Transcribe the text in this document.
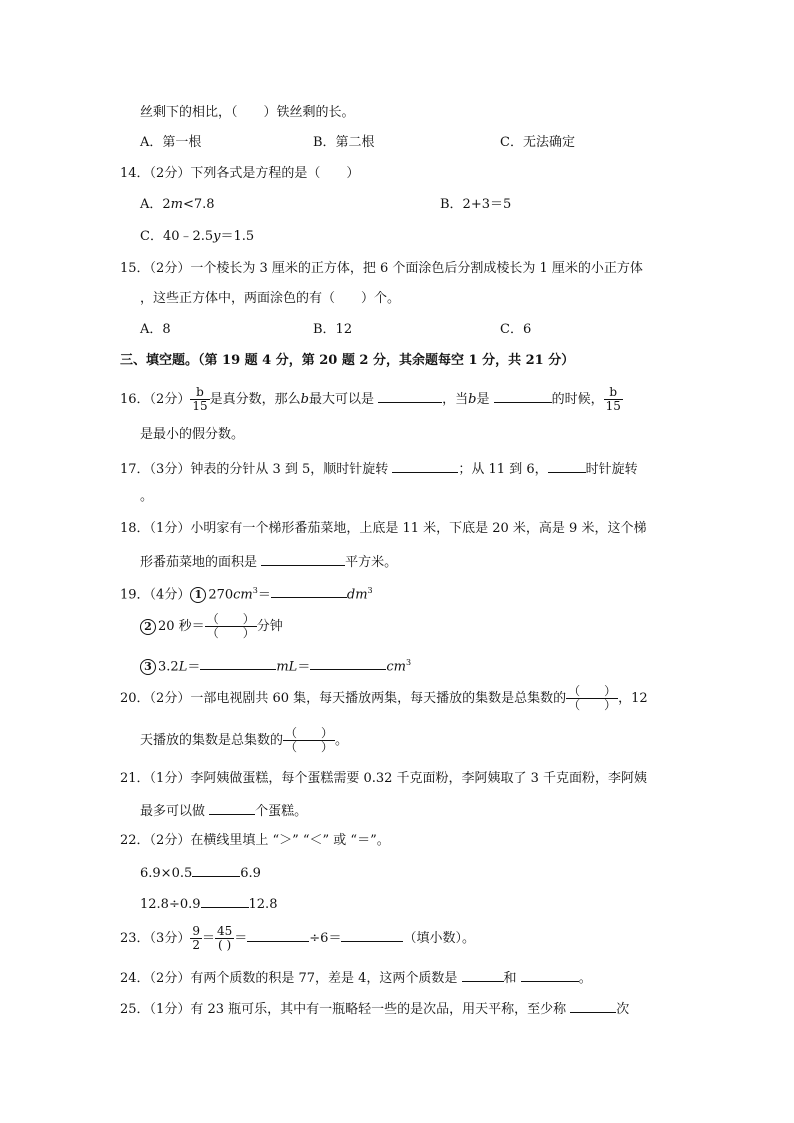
丝剩下的相比，（　　）铁丝剩的长。
A．第一根	B．第二根	C．无法确定
14．（2分）下列各式是方程的是（　　）
A．2m<7.8	B．2+3＝5
C．40﹣2.5y＝1.5
15．（2分）一个棱长为 3 厘米的正方体，把 6 个面涂色后分割成棱长为 1 厘米的小正方体
，这些正方体中，两面涂色的有（　　）个。
A．8	B．12	C．6
三、填空题。（第 19 题 4 分，第 20 题 2 分，其余题每空 1 分，共 21 分）
16．（2分） $\frac{b}{15}$ 是真分数，那么b最大可以是	，当b是	的时候， $\frac{b}{15}$
是最小的假分数。
17．（3分）钟表的分针从 3 到 5，顺时针旋转	；从 11 到 6，	时针旋转
。
18．（1分）小明家有一个梯形番茄菜地，上底是 11 米，下底是 20 米，高是 9 米，这个梯
形番茄菜地的面积是	平方米。
19．（4分） 1 $270cm^3=$	$dm^3$
2 20 秒＝ $\frac{( )}{( )}$ 分钟
3 3.2L＝	mL＝	$cm^3$
20．（2分）一部电视剧共 60 集，每天播放两集，每天播放的集数是总集数的 $\frac{( )}{( )}$ ，12
天播放的集数是总集数的 $\frac{( )}{( )}$ 。
21．（1分）李阿姨做蛋糕，每个蛋糕需要 0.32 千克面粉，李阿姨取了 3 千克面粉，李阿姨
最多可以做	个蛋糕。
22．（2分）在横线里填上 “＞” “＜” 或 “＝”。
6.9×0.5	6.9
12.8÷0.9	12.8
23．（3分） $\frac{9}{2} = \frac{45}{( )}$ ＝	÷6＝	（填小数）。
24．（2分）有两个质数的积是 77，差是 4，这两个质数是	和	。
25．（1分）有 23 瓶可乐，其中有一瓶略轻一些的是次品，用天平称，至少称	次
